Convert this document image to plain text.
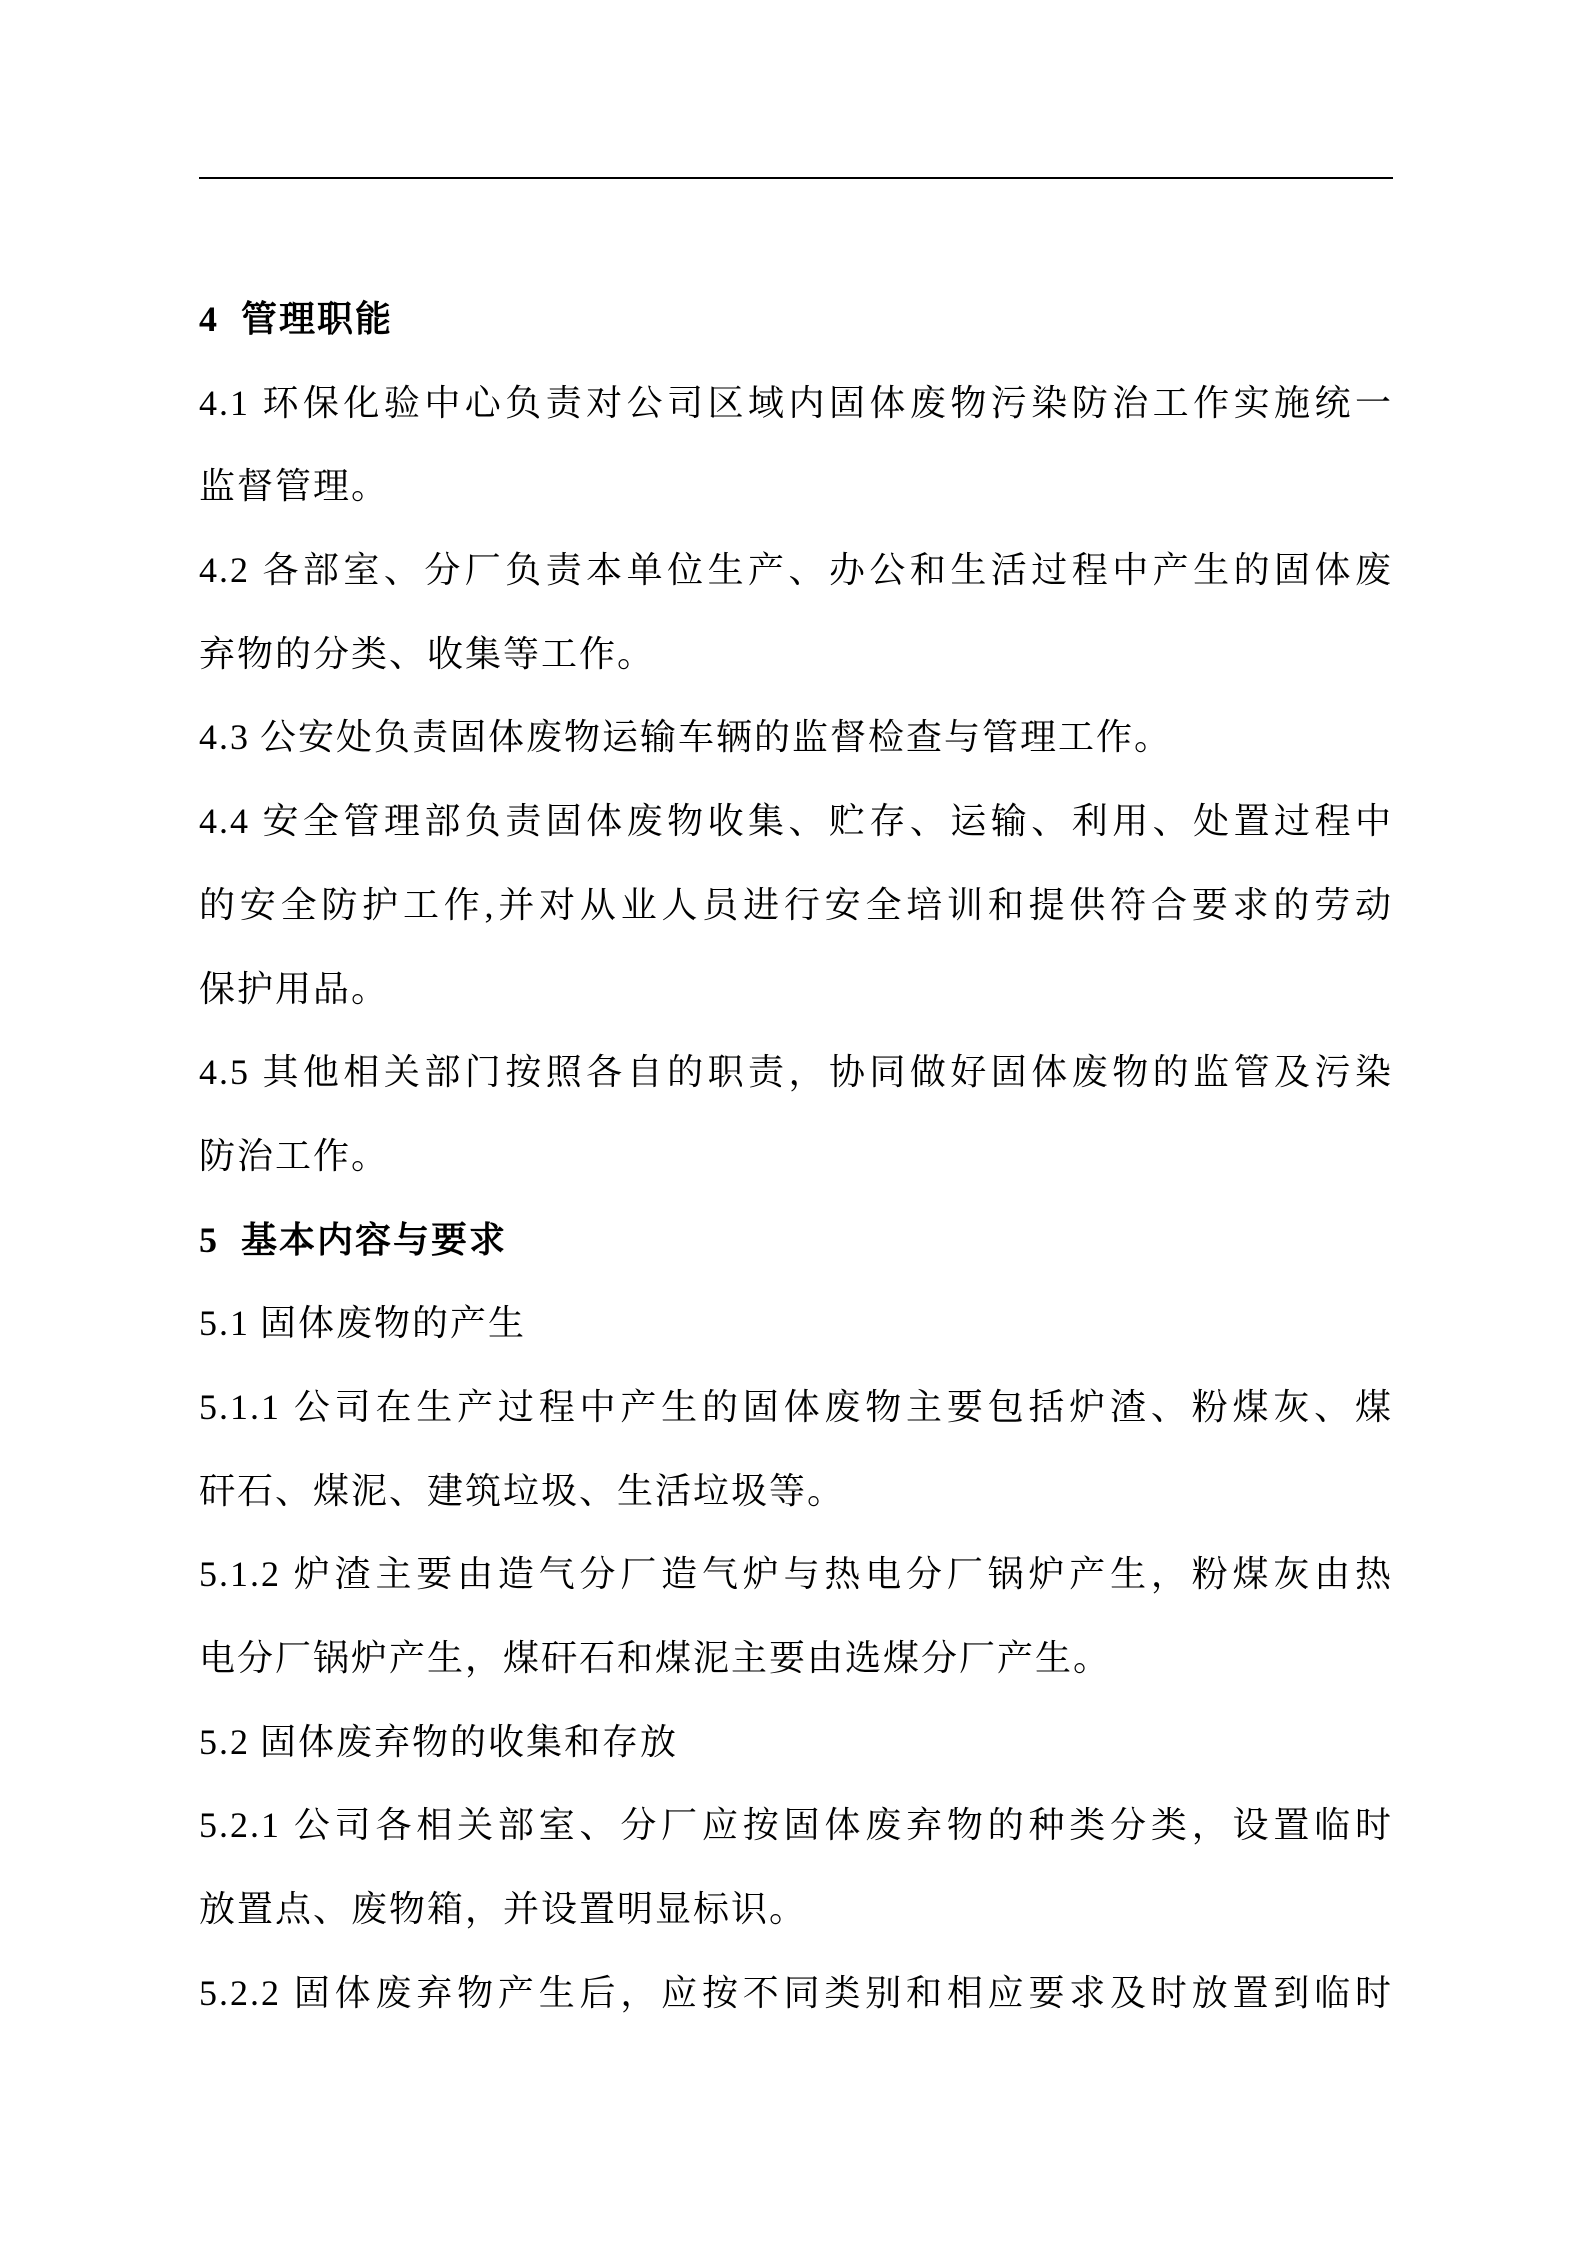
4 管理职能
4.1 环保化验中心负责对公司区域内固体废物污染防治工作实施统一
监督管理。
4.2 各部室、分厂负责本单位生产、办公和生活过程中产生的固体废
弃物的分类、收集等工作。
4.3 公安处负责固体废物运输车辆的监督检查与管理工作。
4.4 安全管理部负责固体废物收集、贮存、运输、利用、处置过程中
的安全防护工作,并对从业人员进行安全培训和提供符合要求的劳动
保护用品。
4.5 其他相关部门按照各自的职责，协同做好固体废物的监管及污染
防治工作。
5 基本内容与要求
5.1 固体废物的产生
5.1.1 公司在生产过程中产生的固体废物主要包括炉渣、粉煤灰、煤
矸石、煤泥、建筑垃圾、生活垃圾等。
5.1.2 炉渣主要由造气分厂造气炉与热电分厂锅炉产生，粉煤灰由热
电分厂锅炉产生，煤矸石和煤泥主要由选煤分厂产生。
5.2 固体废弃物的收集和存放
5.2.1 公司各相关部室、分厂应按固体废弃物的种类分类，设置临时
放置点、废物箱，并设置明显标识。
5.2.2 固体废弃物产生后，应按不同类别和相应要求及时放置到临时
